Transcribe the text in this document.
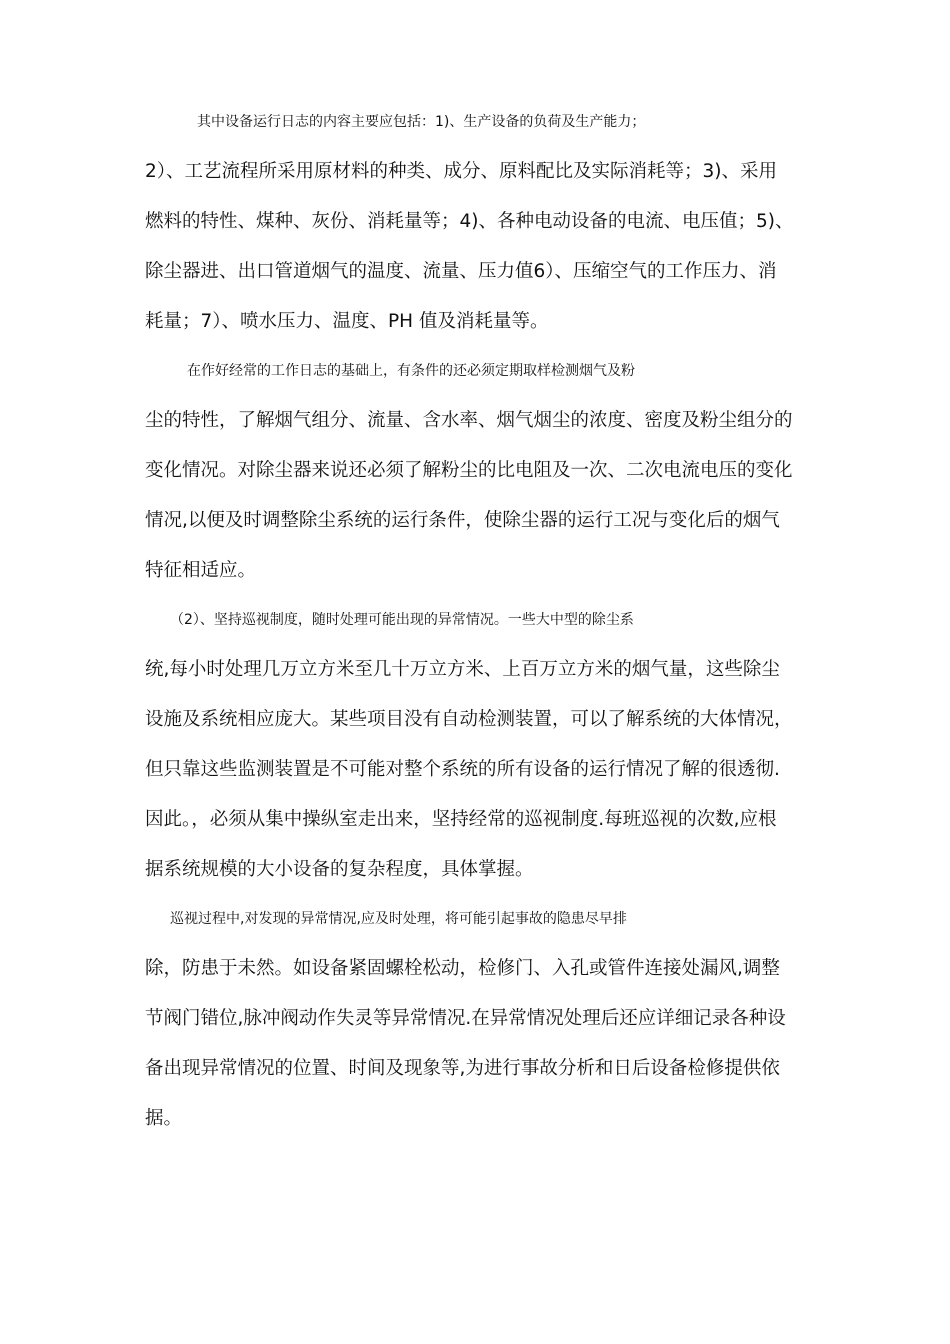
其中设备运行日志的内容主要应包括：1)、生产设备的负荷及生产能力；

2）、工艺流程所采用原材料的种类、成分、原料配比及实际消耗等；3)、采用

燃料的特性、煤种、灰份、消耗量等；4)、各种电动设备的电流、电压值；5)、

除尘器进、出口管道烟气的温度、流量、压力值6）、压缩空气的工作压力、消

耗量；7）、喷水压力、温度、PH 值及消耗量等。

在作好经常的工作日志的基础上，有条件的还必须定期取样检测烟气及粉

尘的特性，了解烟气组分、流量、含水率、烟气烟尘的浓度、密度及粉尘组分的

变化情况。对除尘器来说还必须了解粉尘的比电阻及一次、二次电流电压的变化

情况,以便及时调整除尘系统的运行条件，使除尘器的运行工况与变化后的烟气

特征相适应。

（2）、坚持巡视制度，随时处理可能出现的异常情况。一些大中型的除尘系

统,每小时处理几万立方米至几十万立方米、上百万立方米的烟气量，这些除尘

设施及系统相应庞大。某些项目没有自动检测装置，可以了解系统的大体情况，

但只靠这些监测装置是不可能对整个系统的所有设备的运行情况了解的很透彻.

因此。，必须从集中操纵室走出来，坚持经常的巡视制度.每班巡视的次数,应根

据系统规模的大小设备的复杂程度，具体掌握。

巡视过程中,对发现的异常情况,应及时处理，将可能引起事故的隐患尽早排

除，防患于未然。如设备紧固螺栓松动，检修门、入孔或管件连接处漏风,调整

节阀门错位,脉冲阀动作失灵等异常情况.在异常情况处理后还应详细记录各种设

备出现异常情况的位置、时间及现象等,为进行事故分析和日后设备检修提供依

据。
